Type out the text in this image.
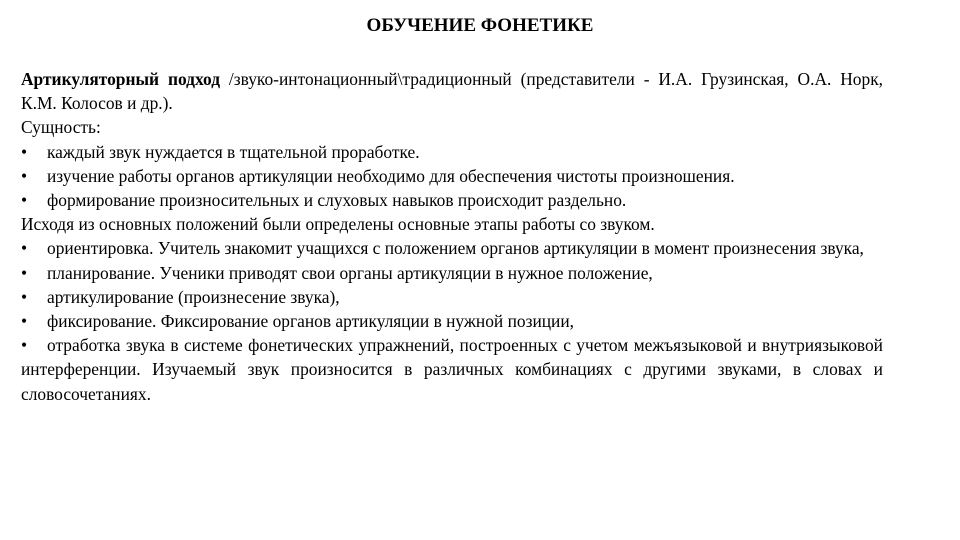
ОБУЧЕНИЕ ФОНЕТИКЕ

Артикуляторный подход /звуко-интонационный\традиционный (представители - И.А. Грузинская, О.А. Норк, К.М. Колосов и др.).

Сущность:

• каждый звук нуждается в тщательной проработке.

• изучение работы органов артикуляции необходимо для обеспечения чистоты произношения.

• формирование произносительных и слуховых навыков происходит раздельно.

Исходя из основных положений были определены основные этапы работы со звуком.

• ориентировка. Учитель знакомит учащихся с положением органов артикуляции в момент произнесения звука,

• планирование. Ученики приводят свои органы артикуляции в нужное положение,

• артикулирование (произнесение звука),

• фиксирование. Фиксирование органов артикуляции в нужной позиции,

• отработка звука в системе фонетических упражнений, построенных с учетом межъязыковой и внутриязыковой интерференции. Изучаемый звук произносится в различных комбинациях с другими звуками, в словах и словосочетаниях.
